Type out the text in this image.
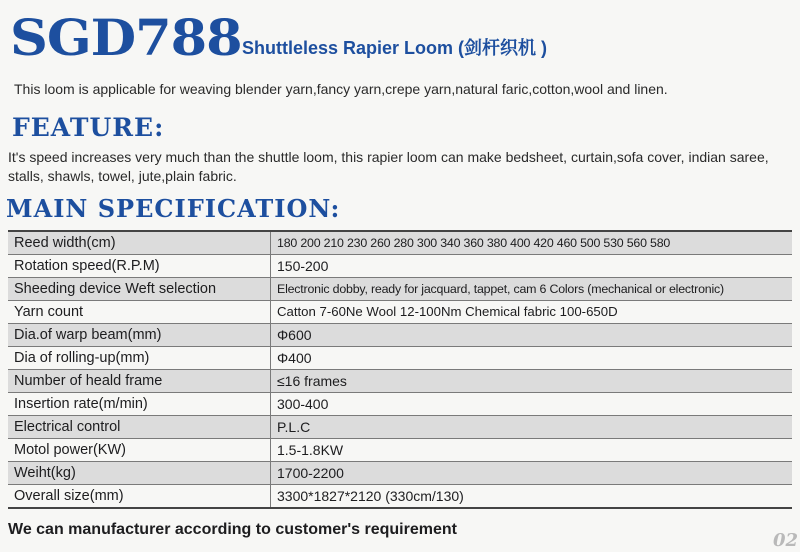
SGD788 Shuttleless Rapier Loom (剑杆织机 )
This loom is applicable for weaving blender yarn,fancy yarn,crepe yarn,natural faric,cotton,wool and linen.
FEATURE:
It's speed increases very much than the shuttle loom, this rapier loom can make bedsheet, curtain,sofa cover, indian saree, stalls, shawls, towel, jute,plain fabric.
MAIN SPECIFICATION:
Reed width(cm)	180 200 210 230 260 280 300 340 360 380 400 420 460 500 530 560 580
Rotation speed(R.P.M)	150-200
Sheeding device Weft selection	Electronic dobby, ready for jacquard, tappet, cam 6 Colors (mechanical or electronic)
Yarn count	Catton 7-60Ne Wool 12-100Nm Chemical fabric 100-650D
Dia.of warp beam(mm)	Φ600
Dia of rolling-up(mm)	Φ400
Number of heald frame	≤16 frames
Insertion rate(m/min)	300-400
Electrical control	P.L.C
Motol power(KW)	1.5-1.8KW
Weiht(kg)	1700-2200
Overall size(mm)	3300*1827*2120 (330cm/130)
We can manufacturer according to customer's requirement
02
